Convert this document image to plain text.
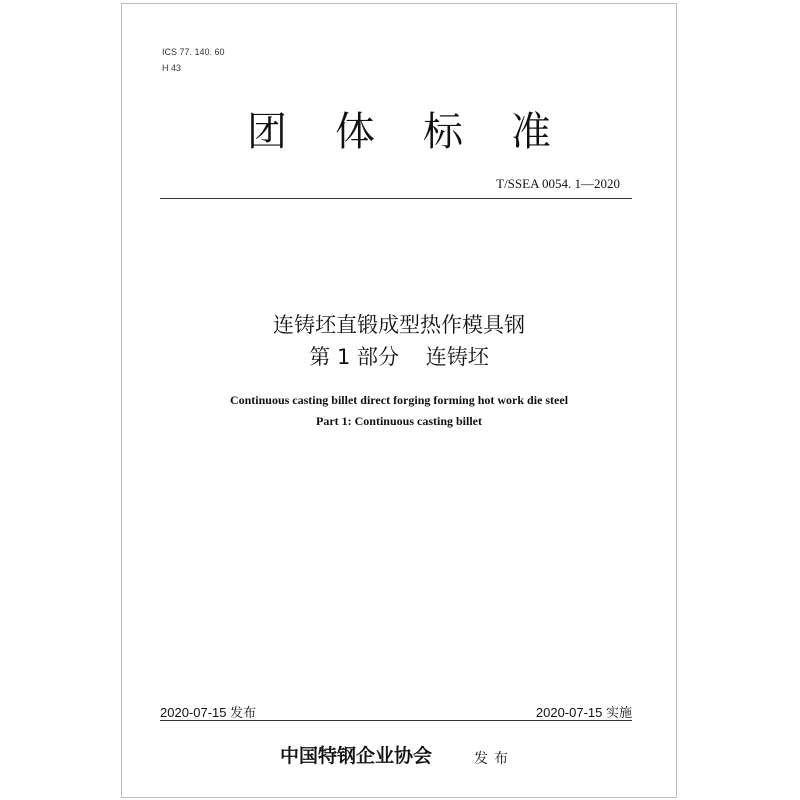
ICS 77. 140. 60
H 43
团体标准
T/SSEA 0054. 1—2020
连铸坯直锻成型热作模具钢
第 1 部分    连铸坯
Continuous casting billet direct forging forming hot work die steel
Part 1: Continuous casting billet
2020-07-15 发布	2020-07-15 实施
中国特钢企业协会	发布
